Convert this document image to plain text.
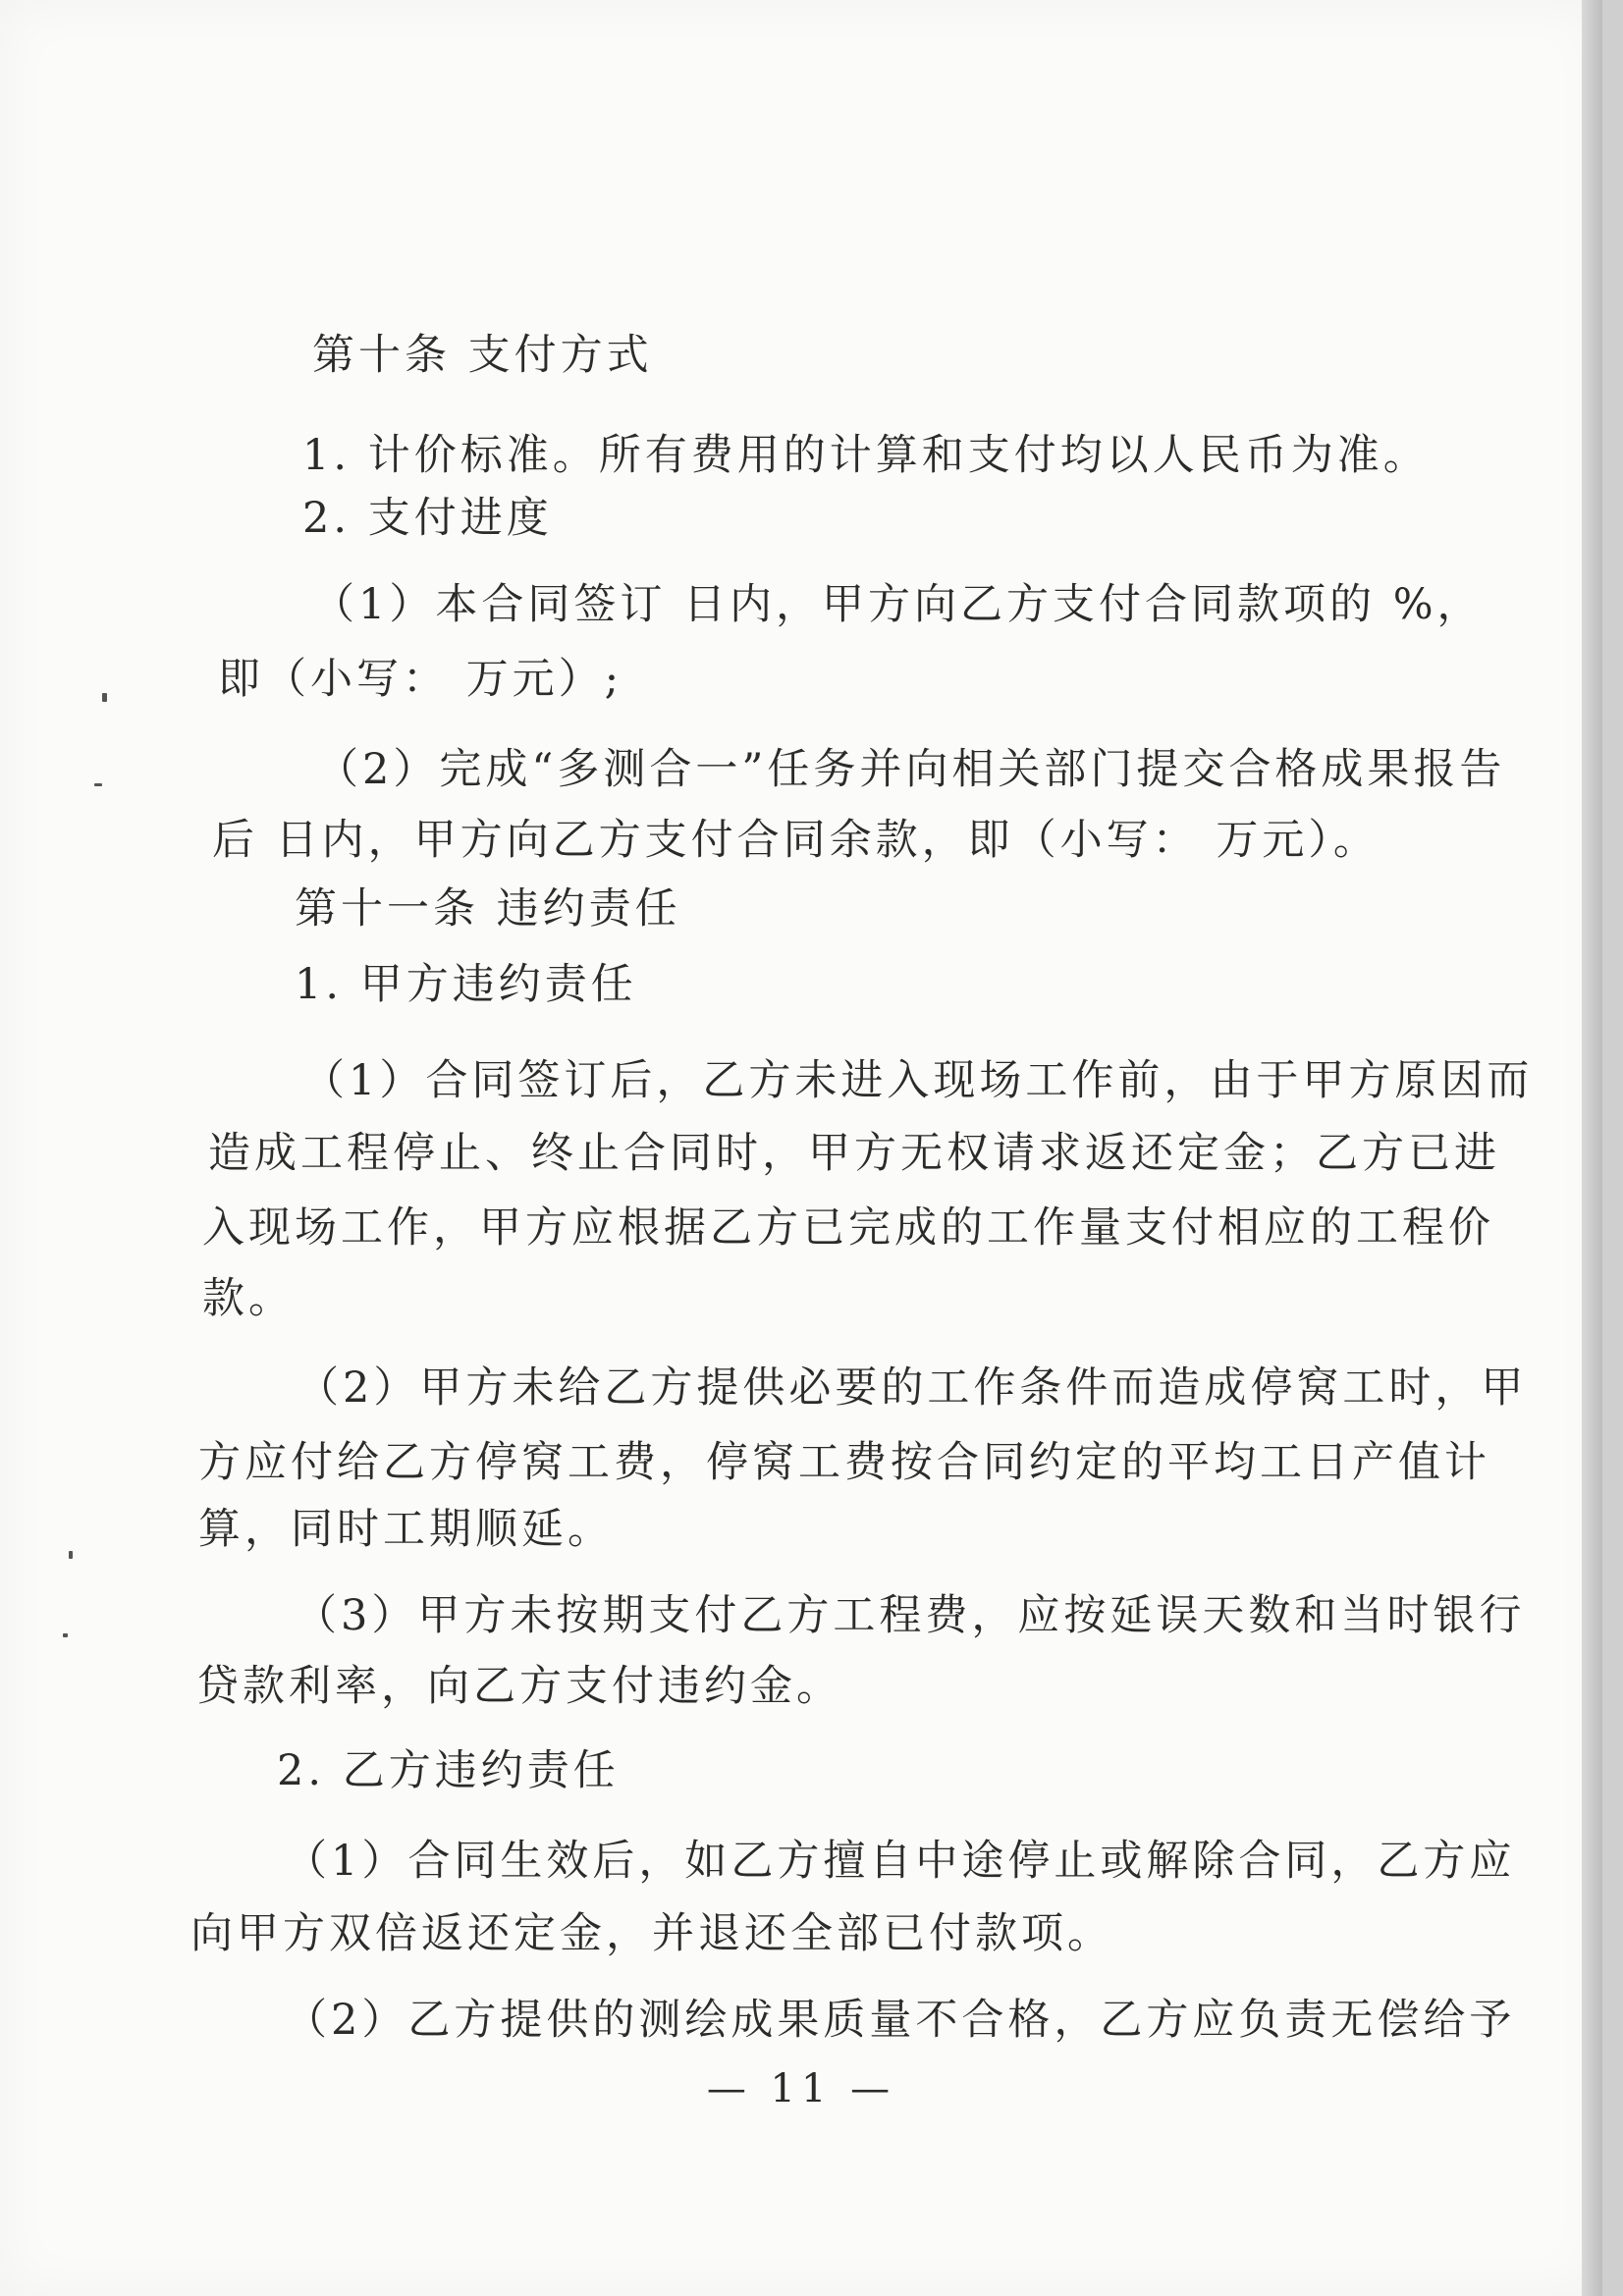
第十条 支付方式
1. 计价标准。所有费用的计算和支付均以人民币为准。
2. 支付进度
（1）本合同签订 日内，甲方向乙方支付合同款项的 %，
即（小写： 万元）;
（2）完成“多测合一”任务并向相关部门提交合格成果报告
后 日内，甲方向乙方支付合同余款，即（小写： 万元）。
第十一条 违约责任
1. 甲方违约责任
（1）合同签订后，乙方未进入现场工作前，由于甲方原因而
造成工程停止、终止合同时，甲方无权请求返还定金；乙方已进
入现场工作，甲方应根据乙方已完成的工作量支付相应的工程价
款。
（2）甲方未给乙方提供必要的工作条件而造成停窝工时，甲
方应付给乙方停窝工费，停窝工费按合同约定的平均工日产值计
算，同时工期顺延。
（3）甲方未按期支付乙方工程费，应按延误天数和当时银行
贷款利率，向乙方支付违约金。
2. 乙方违约责任
（1）合同生效后，如乙方擅自中途停止或解除合同，乙方应
向甲方双倍返还定金，并退还全部已付款项。
（2）乙方提供的测绘成果质量不合格，乙方应负责无偿给予
— 11 —
